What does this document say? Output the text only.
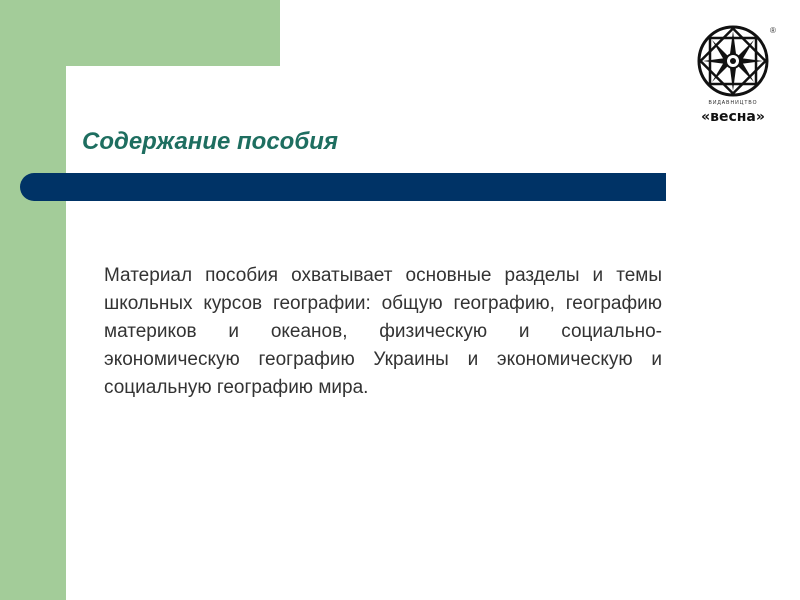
Содержание пособия

Материал пособия охватывает основные разделы и темы школьных курсов географии: общую географию, географию материков и океанов, физическую и социально-экономическую географию Украины и экономическую и социальную географию мира.

®
ВИДАВНИЦТВО
«весна»
